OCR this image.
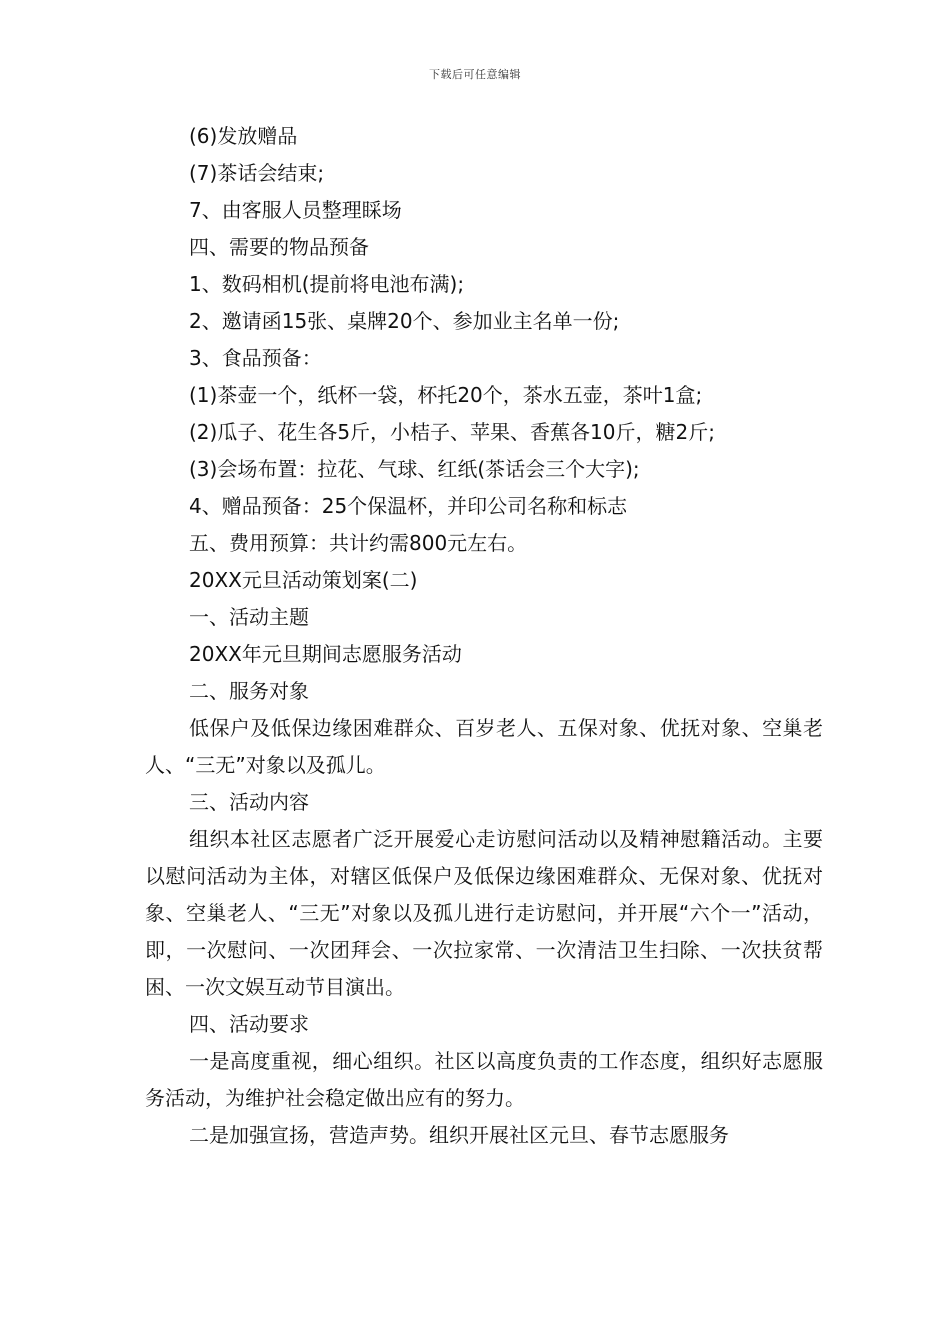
下载后可任意编辑

(6)发放赠品

(7)茶话会结束;

7、由客服人员整理睬场

四、需要的物品预备

1、数码相机(提前将电池布满);

2、邀请函15张、桌牌20个、参加业主名单一份;

3、食品预备：

(1)茶壶一个，纸杯一袋，杯托20个，茶水五壶，茶叶1盒;

(2)瓜子、花生各5斤，小桔子、苹果、香蕉各10斤，糖2斤;

(3)会场布置：拉花、气球、红纸(茶话会三个大字);

4、赠品预备：25个保温杯，并印公司名称和标志

五、费用预算：共计约需800元左右。

20XX元旦活动策划案(二)

一、活动主题

20XX年元旦期间志愿服务活动

二、服务对象

低保户及低保边缘困难群众、百岁老人、五保对象、优抚对象、空巢老人、“三无”对象以及孤儿。

三、活动内容

组织本社区志愿者广泛开展爱心走访慰问活动以及精神慰籍活动。主要以慰问活动为主体，对辖区低保户及低保边缘困难群众、无保对象、优抚对象、空巢老人、“三无”对象以及孤儿进行走访慰问，并开展“六个一”活动，即，一次慰问、一次团拜会、一次拉家常、一次清洁卫生扫除、一次扶贫帮困、一次文娱互动节目演出。

四、活动要求

一是高度重视，细心组织。社区以高度负责的工作态度，组织好志愿服务活动，为维护社会稳定做出应有的努力。

二是加强宣扬，营造声势。组织开展社区元旦、春节志愿服务
